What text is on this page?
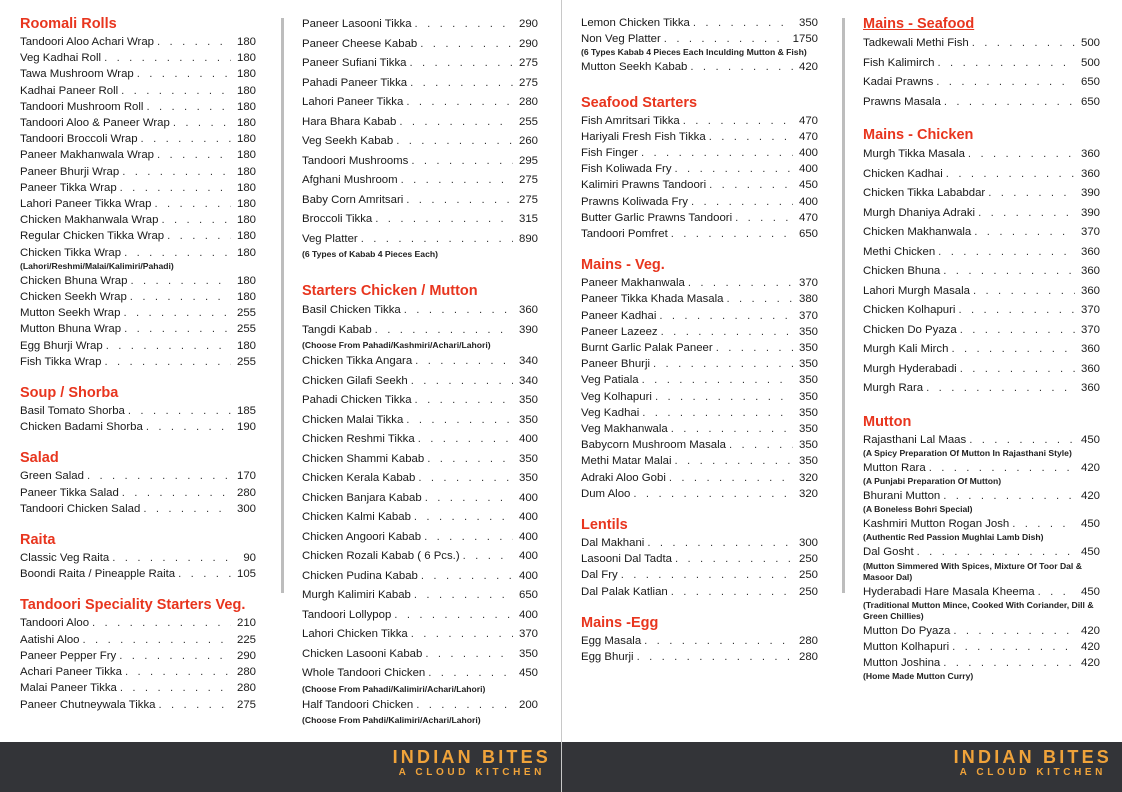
Roomali Rolls
Tandoori Aloo Achari Wrap . . .	180
Veg Kadhai Roll . . .	180
Tawa Mushroom Wrap . . .	180
Kadhai Paneer Roll . . .	180
Tandoori Mushroom Roll . . .	180
Tandoori Aloo & Paneer Wrap . . .	180
Tandoori Broccoli Wrap . . .	180
Paneer Makhanwala Wrap . . .	180
Paneer Bhurji Wrap . . .	180
Paneer Tikka Wrap . . .	180
Lahori Paneer Tikka Wrap . . .	180
Chicken Makhanwala Wrap . . .	180
Regular Chicken Tikka Wrap . . .	180
Chicken Tikka Wrap . . .	180
(Lahori/Reshmi/Malai/Kalimiri/Pahadi)
Chicken Bhuna Wrap . . .	180
Chicken Seekh Wrap . . .	180
Mutton Seekh Wrap . . .	255
Mutton Bhuna Wrap . . .	255
Egg Bhurji Wrap . . .	180
Fish Tikka Wrap . . .	255
Soup / Shorba
Basil Tomato Shorba . . .	185
Chicken Badami Shorba . . .	190
Salad
Green Salad . . .	170
Paneer Tikka Salad . . .	280
Tandoori Chicken Salad . . .	300
Raita
Classic Veg Raita . . .	90
Boondi Raita / Pineapple Raita . . .	105
Tandoori Speciality Starters Veg.
Tandoori Aloo . . .	210
Aatishi Aloo . . .	225
Paneer Pepper Fry . . .	290
Achari Paneer Tikka . . .	280
Malai Paneer Tikka . . .	280
Paneer Chutneywala Tikka . . .	275
Paneer Lasooni Tikka . . .	290
Paneer Cheese Kabab . . .	290
Paneer Sufiani Tikka . . .	275
Pahadi Paneer Tikka . . .	275
Lahori Paneer Tikka . . .	280
Hara Bhara Kabab . . .	255
Veg Seekh Kabab . . .	260
Tandoori Mushrooms . . .	295
Afghani Mushroom . . .	275
Baby Corn Amritsari . . .	275
Broccoli Tikka . . .	315
Veg Platter . . .	890
(6 Types of Kabab 4 Pieces Each)
Starters Chicken / Mutton
Basil Chicken Tikka . . .	360
Tangdi Kabab . . .	390
(Choose From Pahadi/Kashmiri/Achari/Lahori)
Chicken Tikka Angara . . .	340
Chicken Gilafi Seekh . . .	340
Pahadi Chicken Tikka . . .	350
Chicken Malai Tikka . . .	350
Chicken Reshmi Tikka . . .	400
Chicken Shammi Kabab . . .	350
Chicken Kerala Kabab . . .	350
Chicken Banjara Kabab . . .	400
Chicken Kalmi Kabab . . .	400
Chicken Angoori Kabab . . .	400
Chicken Rozali Kabab ( 6 Pcs.) . . .	400
Chicken Pudina Kabab . . .	400
Murgh Kalimiri Kabab . . .	650
Tandoori Lollypop . . .	400
Lahori Chicken Tikka . . .	370
Chicken Lasooni Kabab . . .	350
Whole Tandoori Chicken . . .	450
(Choose From Pahadi/Kalimiri/Achari/Lahori)
Half Tandoori Chicken . . .	200
(Choose From Pahdi/Kalimiri/Achari/Lahori)
INDIAN BITES
A CLOUD KITCHEN
Lemon Chicken Tikka . . .	350
Non Veg Platter . . .	1750
(6 Types Kabab 4 Pieces Each Inculding Mutton & Fish)
Mutton Seekh Kabab . . .	420
Seafood Starters
Fish Amritsari Tikka . . .	470
Hariyali Fresh Fish Tikka . . .	470
Fish Finger . . .	400
Fish Koliwada Fry . . .	400
Kalimiri Prawns Tandoori . . .	450
Prawns Koliwada Fry . . .	400
Butter Garlic Prawns Tandoori . . .	470
Tandoori Pomfret . . .	650
Mains - Veg.
Paneer Makhanwala . . .	370
Paneer Tikka Khada Masala . . .	380
Paneer Kadhai . . .	370
Paneer Lazeez . . .	350
Burnt Garlic Palak Paneer . . .	350
Paneer Bhurji . . .	350
Veg Patiala . . .	350
Veg Kolhapuri . . .	350
Veg Kadhai . . .	350
Veg Makhanwala . . .	350
Babycorn Mushroom Masala . . .	350
Methi Matar Malai . . .	350
Adraki Aloo Gobi . . .	320
Dum Aloo . . .	320
Lentils
Dal Makhani . . .	300
Lasooni Dal Tadta . . .	250
Dal Fry . . .	250
Dal Palak Katlian . . .	250
Mains -Egg
Egg Masala . . .	280
Egg Bhurji . . .	280
Mains - Seafood
Tadkewali Methi Fish . . .	500
Fish Kalimirch . . .	500
Kadai Prawns . . .	650
Prawns Masala . . .	650
Mains - Chicken
Murgh Tikka Masala . . .	360
Chicken Kadhai . . .	360
Chicken Tikka Lababdar . . .	390
Murgh Dhaniya Adraki . . .	390
Chicken Makhanwala . . .	370
Methi Chicken . . .	360
Chicken Bhuna . . .	360
Lahori Murgh Masala . . .	360
Chicken Kolhapuri . . .	370
Chicken Do Pyaza . . .	370
Murgh Kali Mirch . . .	360
Murgh Hyderabadi . . .	360
Murgh Rara . . .	360
Mutton
Rajasthani Lal Maas . . .	450
(A Spicy Preparation Of Mutton In Rajasthani Style)
Mutton Rara . . .	420
(A Punjabi Preparation Of Mutton)
Bhurani Mutton . . .	420
(A Boneless Bohri Special)
Kashmiri Mutton Rogan Josh . . .	450
(Authentic Red Passion Mughlai Lamb Dish)
Dal Gosht . . .	450
(Mutton Simmered With Spices, Mixture Of Toor Dal & Masoor Dal)
Hyderabadi Hare Masala Kheema . . .	450
(Traditional Mutton Mince, Cooked With Coriander, Dill & Green Chillies)
Mutton Do Pyaza . . .	420
Mutton Kolhapuri . . .	420
Mutton Joshina . . .	420
(Home Made Mutton Curry)
INDIAN BITES
A CLOUD KITCHEN
